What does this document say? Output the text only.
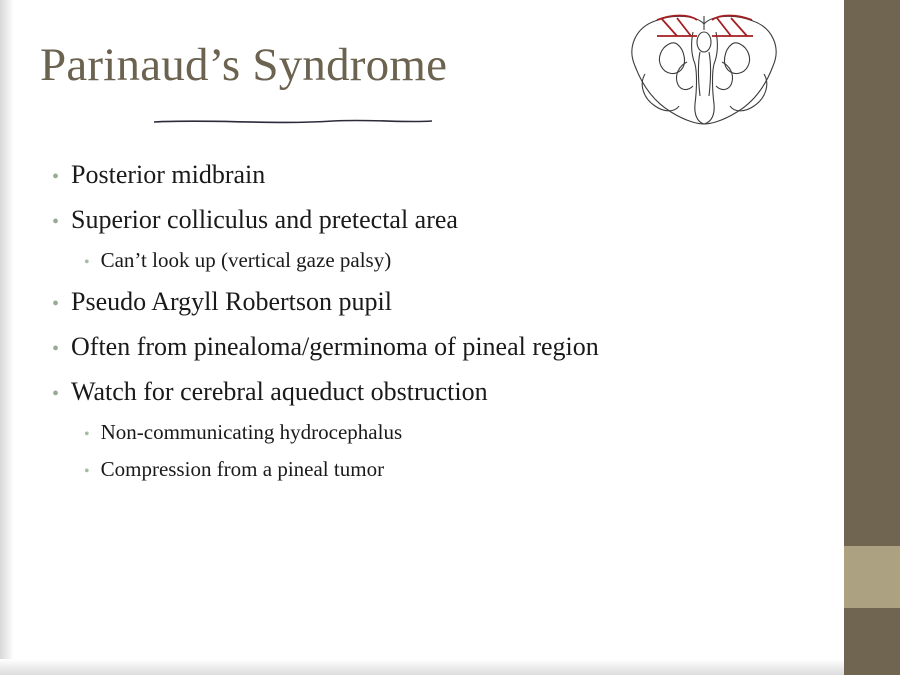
Parinaud’s Syndrome
• Posterior midbrain
• Superior colliculus and pretectal area
• Can’t look up (vertical gaze palsy)
• Pseudo Argyll Robertson pupil
• Often from pinealoma/germinoma of pineal region
• Watch for cerebral aqueduct obstruction
• Non-communicating hydrocephalus
• Compression from a pineal tumor
